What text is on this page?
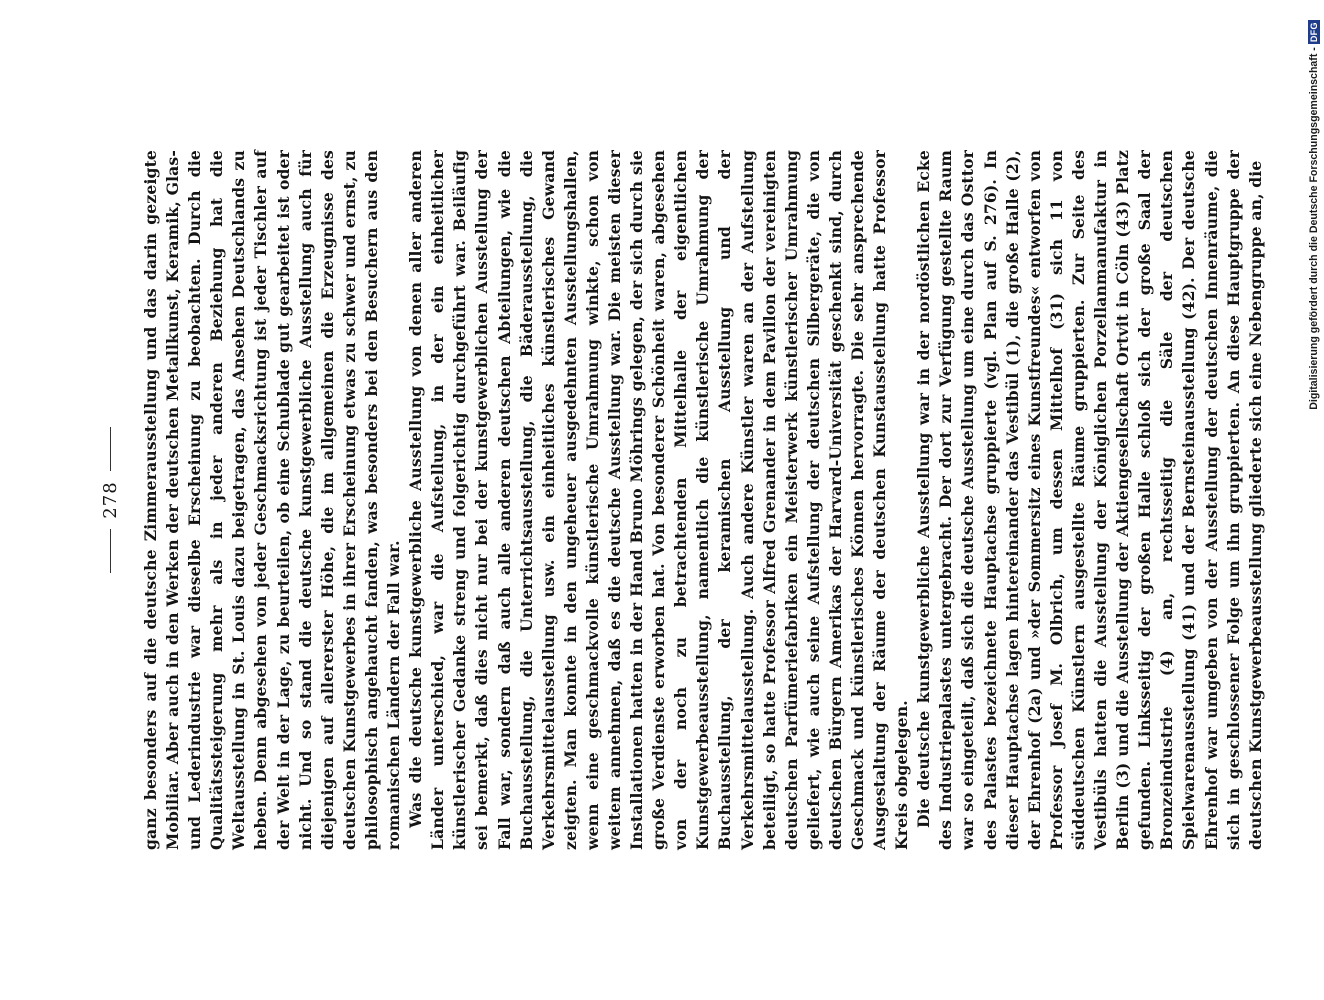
278 ganz besonders auf die deutsche Zimmerausstellung und das darin gezeigte Mobiliar. Aber auch in den Werken der deutschen Metallkunst, Keramik, Glas- und Lederindustrie war dieselbe Erscheinung zu beobachten. Durch die Qualitätssteigerung mehr als in jeder anderen Beziehung hat die Weltausstellung in St. Louis dazu beigetragen, das Ansehen Deutschlands zu heben. Denn abgesehen von jeder Geschmacksrichtung ist jeder Tischler auf der Welt in der Lage, zu beurteilen, ob eine Schublade gut gearbeitet ist oder nicht. Und so stand die deutsche kunstgewerbliche Ausstellung auch für diejenigen auf allererster Höhe, die im allgemeinen die Erzeugnisse des deutschen Kunstgewerbes in ihrer Erscheinung etwas zu schwer und ernst, zu philosophisch angehaucht fanden, was besonders bei den Besuchern aus den romanischen Ländern der Fall war. Was die deutsche kunstgewerbliche Ausstellung von denen aller anderen Länder unterschied, war die Aufstellung, in der ein einheitlicher künstlerischer Gedanke streng und folgerichtig durchgeführt war. Beiläufig sei bemerkt, daß dies nicht nur bei der kunstgewerblichen Ausstellung der Fall war, sondern daß auch alle anderen deutschen Abteilungen, wie die Buchausstellung, die Unterrichtsausstellung, die Bäderausstellung, die Verkehrsmittelausstellung usw. ein einheitliches künstlerisches Gewand zeigten. Man konnte in den ungeheuer ausgedehnten Ausstellungshallen, wenn eine geschmackvolle künstlerische Umrahmung winkte, schon von weitem annehmen, daß es die deutsche Ausstellung war. Die meisten dieser Installationen hatten in der Hand Bruno Möhrings gelegen, der sich durch sie große Verdienste erworben hat. Von besonderer Schönheit waren, abgesehen von der noch zu betrachtenden Mittelhalle der eigentlichen Kunstgewerbeausstellung, namentlich die künstlerische Umrahmung der Buchausstellung, der keramischen Ausstellung und der Verkehrsmittelausstellung. Auch andere Künstler waren an der Aufstellung beteiligt, so hatte Professor Alfred Grenander in dem Pavillon der vereinigten deutschen Parfümeriefabriken ein Meisterwerk künstlerischer Umrahmung geliefert, wie auch seine Aufstellung der deutschen Silbergeräte, die von deutschen Bürgern Amerikas der Harvard-Universität geschenkt sind, durch Geschmack und künstlerisches Können hervorragte. Die sehr ansprechende Ausgestaltung der Räume der deutschen Kunstausstellung hatte Professor Kreis obgelegen. Die deutsche kunstgewerbliche Ausstellung war in der nordöstlichen Ecke des Industriepalastes untergebracht. Der dort zur Verfügung gestellte Raum war so eingeteilt, daß sich die deutsche Ausstellung um eine durch das Osttor des Palastes bezeichnete Hauptachse gruppierte (vgl. Plan auf S. 276). In dieser Hauptachse lagen hintereinander das Vestibül (1), die große Halle (2), der Ehrenhof (2a) und »der Sommersitz eines Kunstfreundes« entworfen von Professor Josef M. Olbrich, um dessen Mittelhof (31) sich 11 von süddeutschen Künstlern ausgestellte Räume gruppierten. Zur Seite des Vestibüls hatten die Ausstellung der Königlichen Porzellanmanufaktur in Berlin (3) und die Ausstellung der Aktiengesellschaft Ortvit in Cöln (43) Platz gefunden. Linksseitig der großen Halle schloß sich der große Saal der Bronzeindustrie (4) an, rechtsseitig die Säle der deutschen Spielwarenausstellung (41) und der Bernsteinausstellung (42). Der deutsche Ehrenhof war umgeben von der Ausstellung der deutschen Innenräume, die sich in geschlossener Folge um ihn gruppierten. An diese Hauptgruppe der deutschen Kunstgewerbeausstellung gliederte sich eine Nebengruppe an, die	Digitalisierung gefördert durch die Deutsche Forschungsgemeinschaft -
DFG
